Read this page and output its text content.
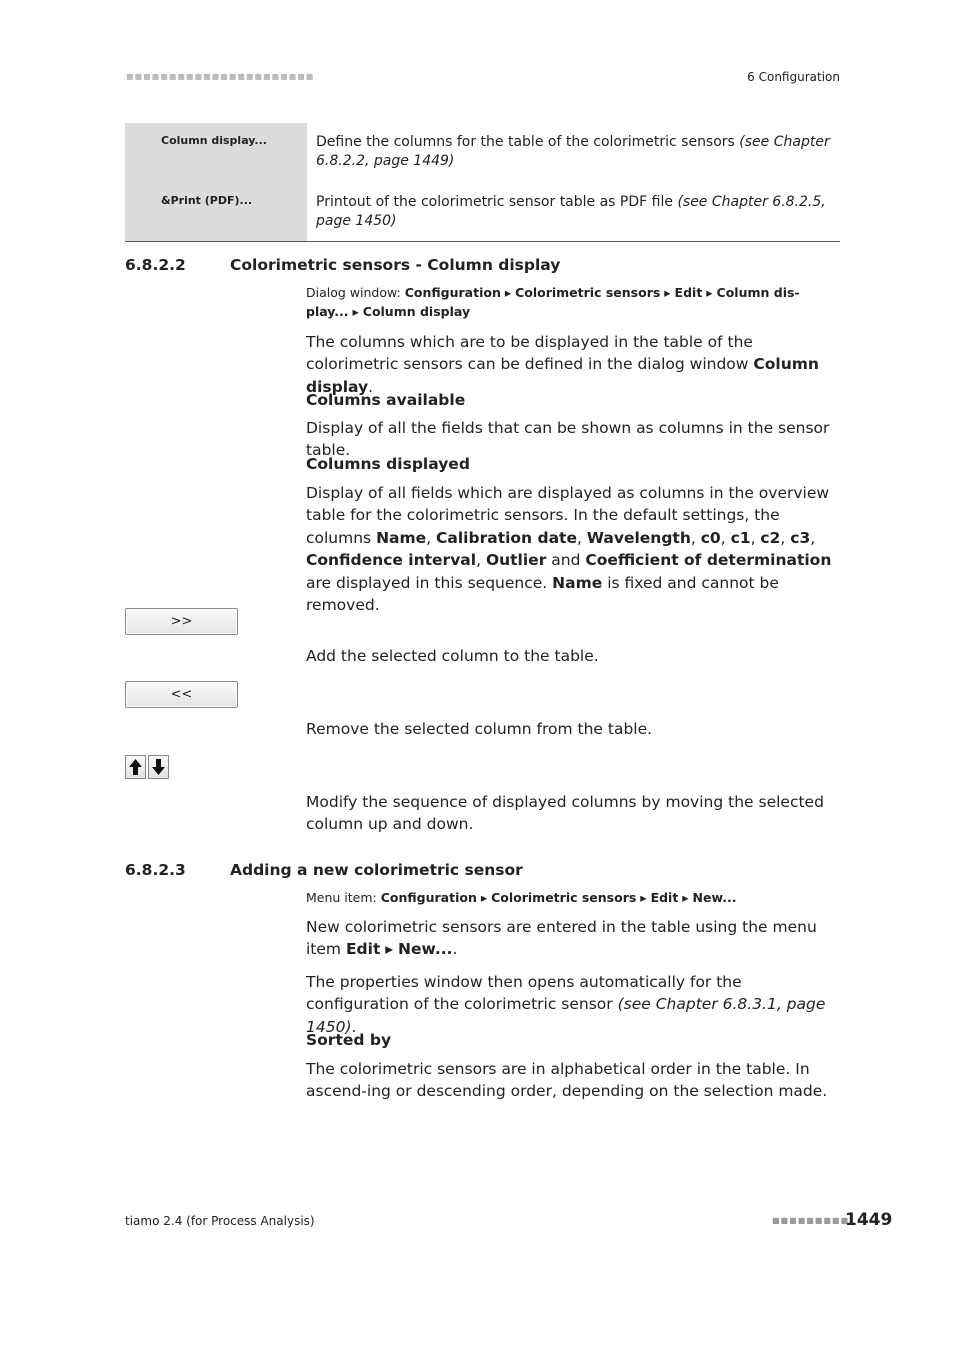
■■■■■■■■■■■■■■■■■■■■■■	6 Configuration
Column display...	Define the columns for the table of the colorimetric sensors (see Chapter 6.8.2.2, page 1449)
&Print (PDF)...	Printout of the colorimetric sensor table as PDF file (see Chapter 6.8.2.5, page 1450)
6.8.2.2	Colorimetric sensors - Column display
Dialog window: Configuration ▸ Colorimetric sensors ▸ Edit ▸ Column dis-play... ▸ Column display

The columns which are to be displayed in the table of the colorimetric sensors can be defined in the dialog window Column display.

Columns available

Display of all the fields that can be shown as columns in the sensor table.

Columns displayed

Display of all fields which are displayed as columns in the overview table for the colorimetric sensors. In the default settings, the columns Name, Calibration date, Wavelength, c0, c1, c2, c3, Confidence interval, Outlier and Coefficient of determination are displayed in this sequence. Name is fixed and cannot be removed.

>>

Add the selected column to the table.

<<

Remove the selected column from the table.

Modify the sequence of displayed columns by moving the selected column up and down.

6.8.2.3	Adding a new colorimetric sensor
Menu item: Configuration ▸ Colorimetric sensors ▸ Edit ▸ New...

New colorimetric sensors are entered in the table using the menu item Edit ▸ New....

The properties window then opens automatically for the configuration of the colorimetric sensor (see Chapter 6.8.3.1, page 1450).

Sorted by

The colorimetric sensors are in alphabetical order in the table. In ascend-ing or descending order, depending on the selection made.

tiamo 2.4 (for Process Analysis)	■■■■■■■■■
1449
